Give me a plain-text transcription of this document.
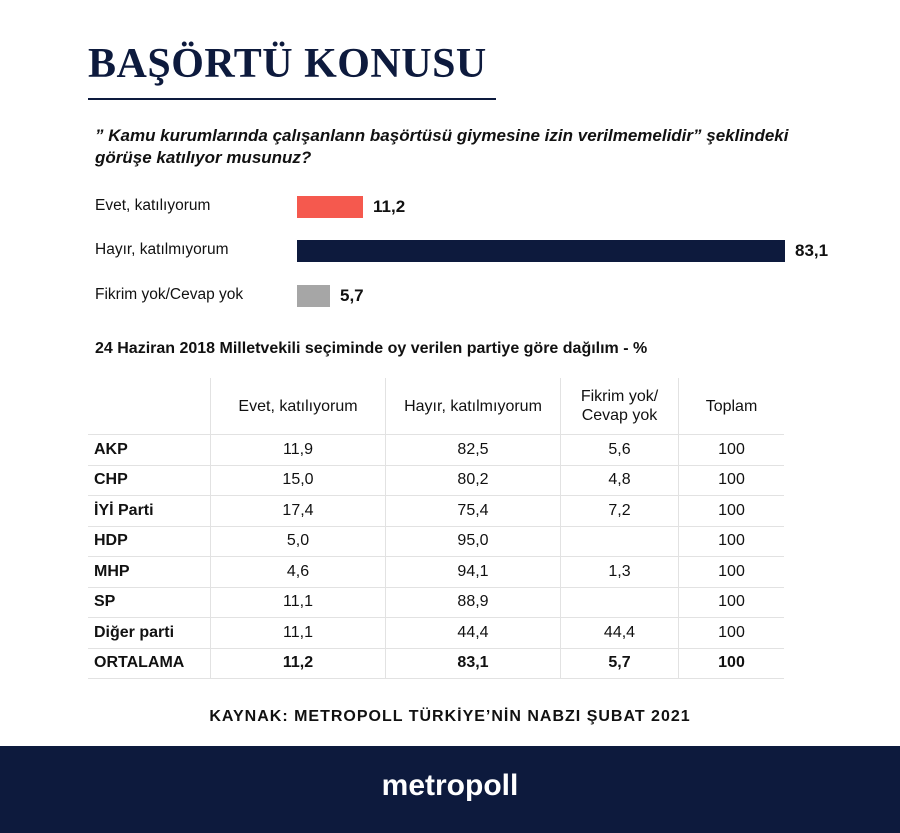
BAŞÖRTÜ KONUSU
” Kamu kurumlarında çalışanlann başörtüsü giymesine izin verilmemelidir” şeklindeki görüşe katılıyor musunuz?
Evet, katılıyorum	11,2
Hayır, katılmıyorum	83,1
Fikrim yok/Cevap yok	5,7
24 Haziran 2018 Milletvekili seçiminde oy verilen partiye göre dağılım - %
	Evet, katılıyorum	Hayır, katılmıyorum	Fikrim yok/ Cevap yok	Toplam
AKP	11,9	82,5	5,6	100
CHP	15,0	80,2	4,8	100
İYİ Parti	17,4	75,4	7,2	100
HDP	5,0	95,0		100
MHP	4,6	94,1	1,3	100
SP	11,1	88,9		100
Diğer parti	11,1	44,4	44,4	100
ORTALAMA	11,2	83,1	5,7	100
KAYNAK: METROPOLL TÜRKİYE’NİN NABZI ŞUBAT 2021
metropoll
